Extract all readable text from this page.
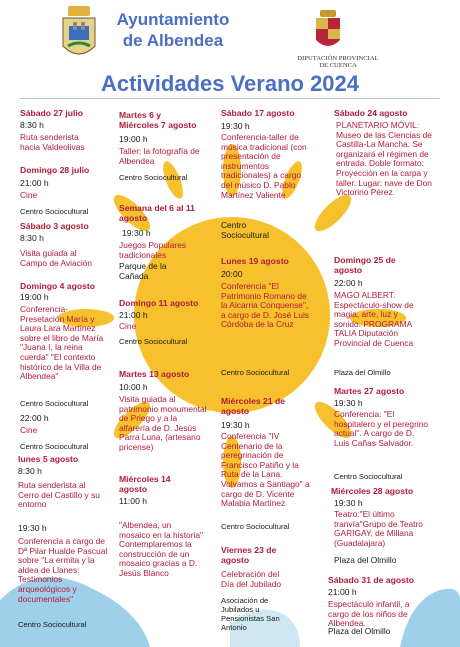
Ayuntamiento
de Albendea
DIPUTACIÓN PROVINCIAL DE CUENCA
Actividades Verano 2024
Sábado 27 julio
8:30 h
Ruta senderista hacia Valdeolivas
Domingo 28 julio
21:00 h
Cine
Centro Sociocultural
Sábado 3 agosto
8:30 h
Visita guiada al Campo de Aviación
Domingo 4 agosto
19:00 h
Conferencia-Presetación María y Laura Lara Martínez sobre el libro de María "Juana I, la reina cuerda" "El contexto histórico de la Villa de Albendea"
Centro Sociocultural
22:00 h
Cine
Centro Sociocultural
lunes 5 agosto
8:30 h
Ruta senderista al Cerro del Castillo y su entorno
19:30 h
Conferencia a cargo de Dª Pilar Hualde Pascual sobre "La ermita y la aldea de Llanes: Testimonios arqueológicos y documentales"
Centro Sociocultural
Martes 6 y Miércoles 7 agosto
19:00 h
Taller: la fotografía de Albendea
Centro Sociocultural
Semana del 6 al 11 agosto
19:30 h
Juegos Populares tradicionales
Parque de la Cañada
Domingo 11 agosto
21:00 h
Cine
Centro Sociocultural
Martes 13 agosto
10:00 h
Visita guiada al patrimonio monumental de Priego y a la alfarería de D. Jesús Parra Luna, (artesano pricense)
Miércoles 14 agosto
11:00 h
"Albendea, un mosaico en la historia" Contemplaremos la construcción de un mosaico gracias a D. Jesús Blanco
Sábado 17 agosto
19:30 h
Conferencia-taller de música tradicional (con presentación de instrumentos tradicionales) a cargo del músico D. Pablo Martínez Valiente
Centro Sociocultural
Lunes 19 agosto
20:00
Conferencia "El Patrimonio Romano de la Alcarria Conquense", a cargo de D. José Luis Córdoba de la Cruz
Centro Sociocultural
Miércoles 21 de agosto
19:30 h
Conferencia "IV Centenario de la peregrinación de Francisco Patiño y la Ruta de la Lana. Volvamos a Santiago" a cargo de D. Vicente Malabia Martínez
Centro Sociocultural
Viernes 23 de agosto
Celebración del Día del Jubilado
Asociación de Jubilados u Pensionistas San Antonio
Sábado 24 agosto
PLANETARIO MÓVIL: Museo de las Ciencias de Castilla-La Mancha. Se organizará el régimen de entrada. Doble formato: Proyección en la carpa y taller. Lugar: nave de Don Victorino Pérez.
Domingo 25 de agosto
22:00 h
MAGO ALBERT. Espectáculo-show de magia, arte, luz y sonido. PROGRAMA TALIA Diputación Provincial de Cuenca
Plaza del Olmillo
Martes 27 agosto
19:30 h
Conferencia: "El hospitalero y el peregrino actual". A cargo de D. Luis Cañas Salvador.
Centro Sociocultural
Miércoles 28 agosto
19:30 h
Teatro:"El último tranvía"Grupo de Teatro GARIGAY, de Millana (Guadalajara)
Plaza del Olmillo
Sábado 31 de agosto
21:00 h
Espectáculo infantil, a cargo de los niños de Albendea.
Plaza del Olmillo
